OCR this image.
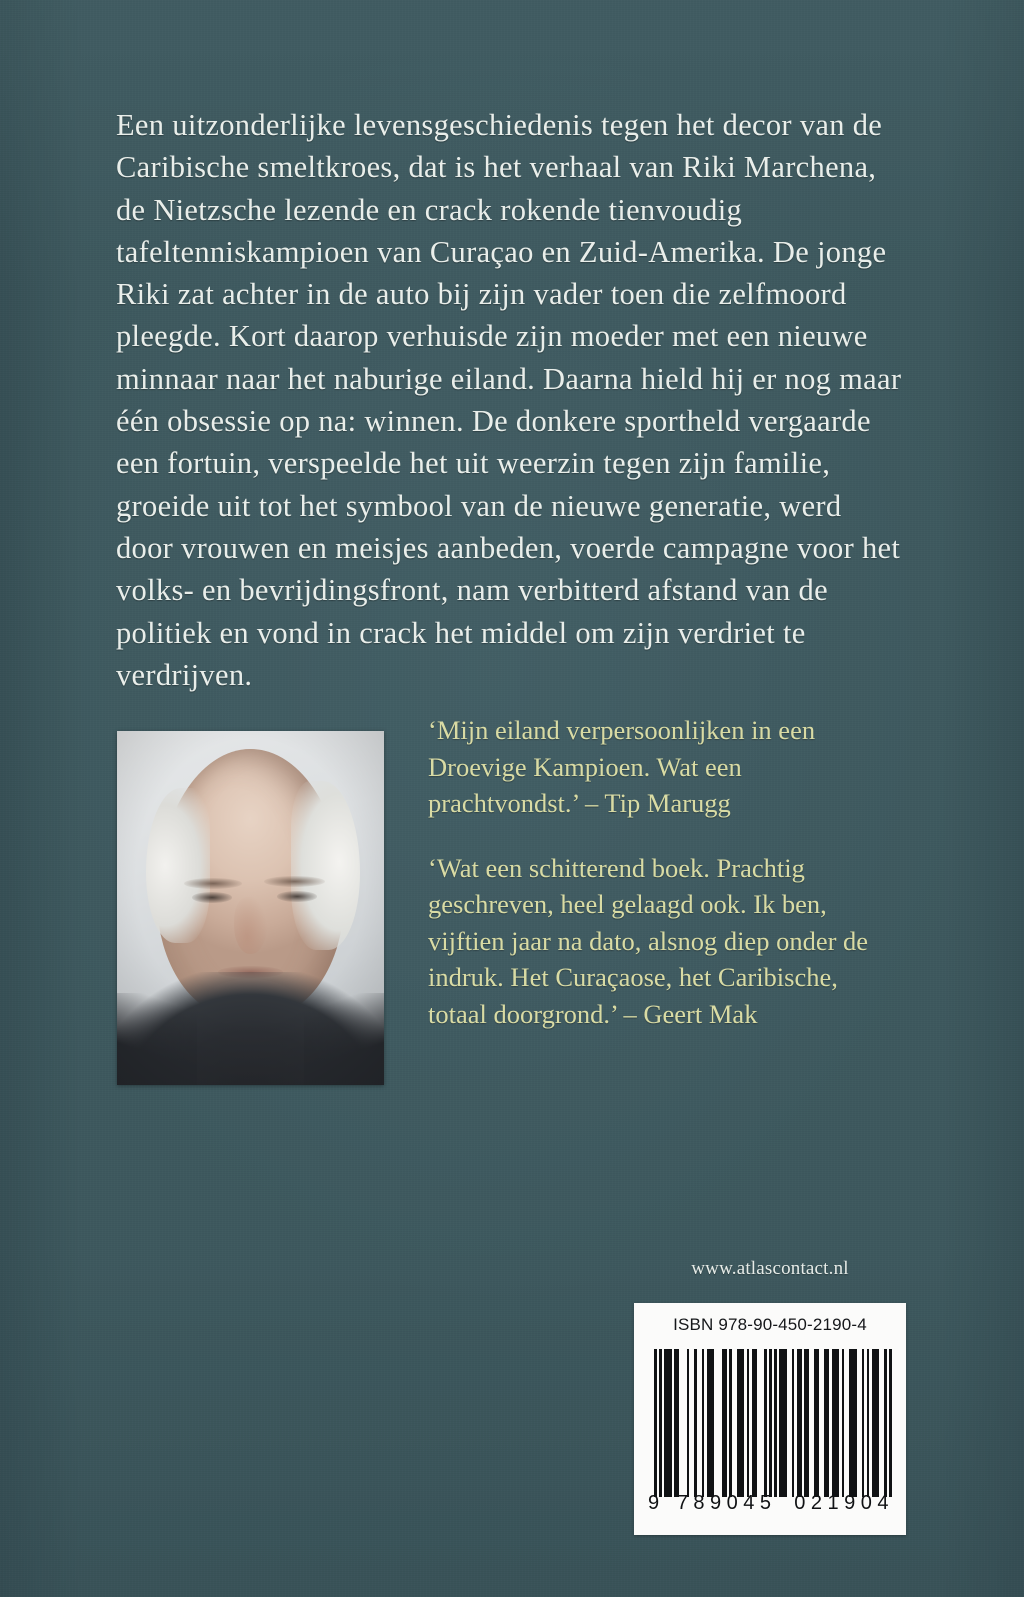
Een uitzonderlijke levensgeschiedenis tegen het decor van de Caribische smeltkroes, dat is het verhaal van Riki Marchena, de Nietzsche lezende en crack rokende tienvoudig tafeltenniskampioen van Curaçao en Zuid-Amerika. De jonge Riki zat achter in de auto bij zijn vader toen die zelfmoord pleegde. Kort daarop verhuisde zijn moeder met een nieuwe minnaar naar het naburige eiland. Daarna hield hij er nog maar één obsessie op na: winnen. De donkere sportheld vergaarde een fortuin, verspeelde het uit weerzin tegen zijn familie, groeide uit tot het symbool van de nieuwe generatie, werd door vrouwen en meisjes aanbeden, voerde campagne voor het volks- en bevrijdingsfront, nam verbitterd afstand van de politiek en vond in crack het middel om zijn verdriet te verdrijven.

‘Mijn eiland verpersoonlijken in een Droevige Kampioen. Wat een prachtvondst.’ – Tip Marugg

‘Wat een schitterend boek. Prachtig geschreven, heel gelaagd ook. Ik ben, vijftien jaar na dato, alsnog diep onder de indruk. Het Curaçaose, het Caribische, totaal doorgrond.’ – Geert Mak

www.atlascontact.nl
ISBN 978-90-450-2190-4
9 789045 021904
